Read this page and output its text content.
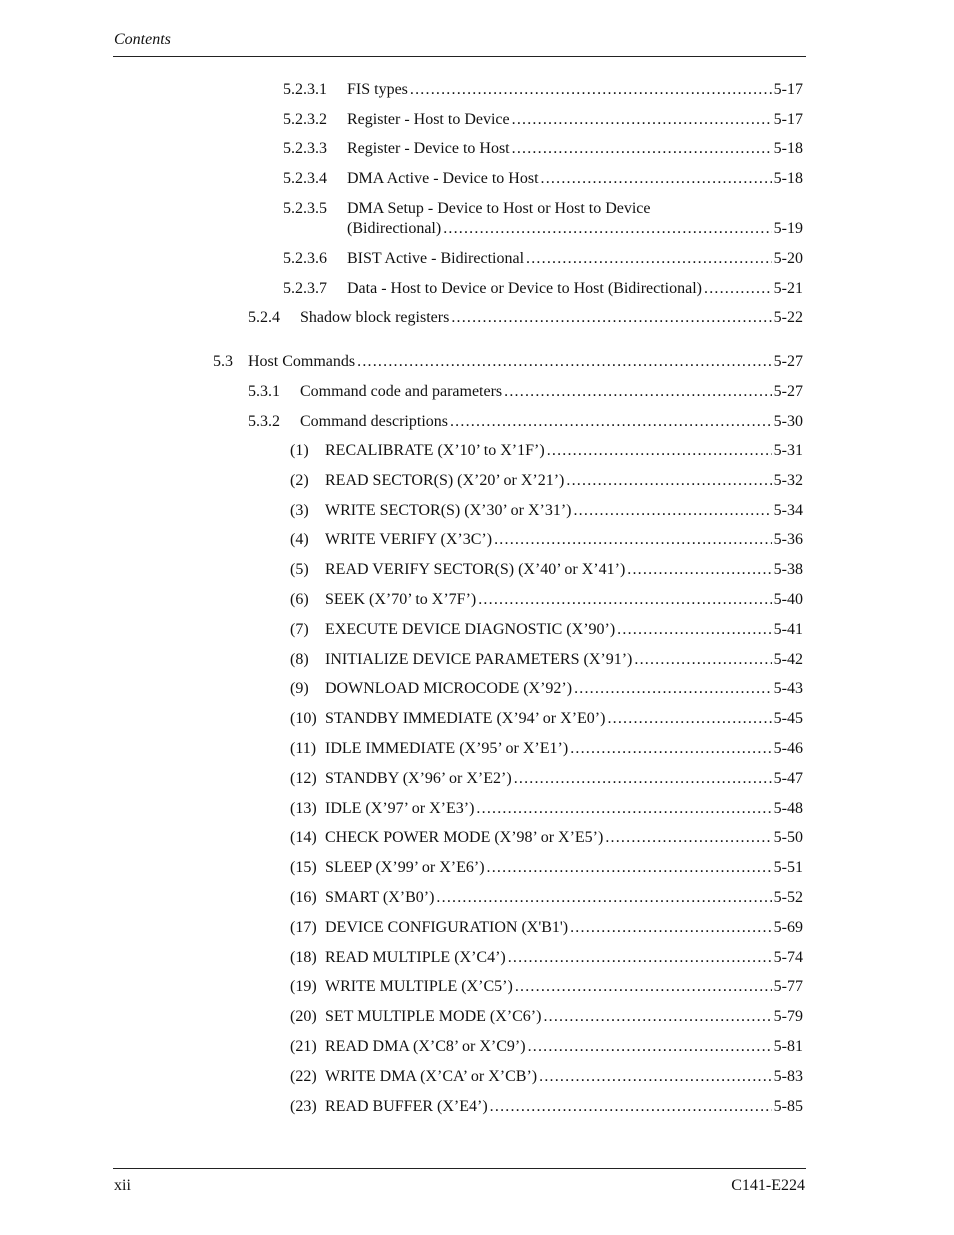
Contents
5.2.3.1	FIS types .....	5-17
5.2.3.2	Register - Host to Device .....	5-17
5.2.3.3	Register - Device to Host .....	5-18
5.2.3.4	DMA Active - Device to Host .....	5-18
5.2.3.5 DMA Setup - Device to Host or Host to Device
(Bidirectional) .....	5-19
5.2.3.6	BIST Active - Bidirectional .....	5-20
5.2.3.7	Data - Host to Device or Device to Host (Bidirectional) .....	5-21
5.2.4	Shadow block registers .....	5-22
5.3 Host Commands .....	5-27
5.3.1	Command code and parameters .....	5-27
5.3.2	Command descriptions .....	5-30
(1)	RECALIBRATE (X’10’ to X’1F’) .....	5-31
(2)	READ SECTOR(S) (X’20’ or X’21’) .....	5-32
(3)	WRITE SECTOR(S) (X’30’ or X’31’) .....	5-34
(4)	WRITE VERIFY (X’3C’) .....	5-36
(5)	READ VERIFY SECTOR(S) (X’40’ or X’41’) .....	5-38
(6)	SEEK (X’70’ to X’7F’) .....	5-40
(7)	EXECUTE DEVICE DIAGNOSTIC (X’90’) .....	5-41
(8)	INITIALIZE DEVICE PARAMETERS (X’91’) .....	5-42
(9)	DOWNLOAD MICROCODE (X’92’) .....	5-43
(10) STANDBY IMMEDIATE (X’94’ or X’E0’) .....	5-45
(11) IDLE IMMEDIATE (X’95’ or X’E1’) .....	5-46
(12) STANDBY (X’96’ or X’E2’) .....	5-47
(13) IDLE (X’97’ or X’E3’) .....	5-48
(14) CHECK POWER MODE (X’98’ or X’E5’) .....	5-50
(15) SLEEP (X’99’ or X’E6’) .....	5-51
(16) SMART (X’B0’) .....	5-52
(17) DEVICE CONFIGURATION (X'B1') .....	5-69
(18) READ MULTIPLE (X’C4’) .....	5-74
(19) WRITE MULTIPLE (X’C5’) .....	5-77
(20) SET MULTIPLE MODE (X’C6’) .....	5-79
(21) READ DMA (X’C8’ or X’C9’) .....	5-81
(22) WRITE DMA (X’CA’ or X’CB’) .....	5-83
(23) READ BUFFER (X’E4’) .....	5-85
xii	C141-E224
